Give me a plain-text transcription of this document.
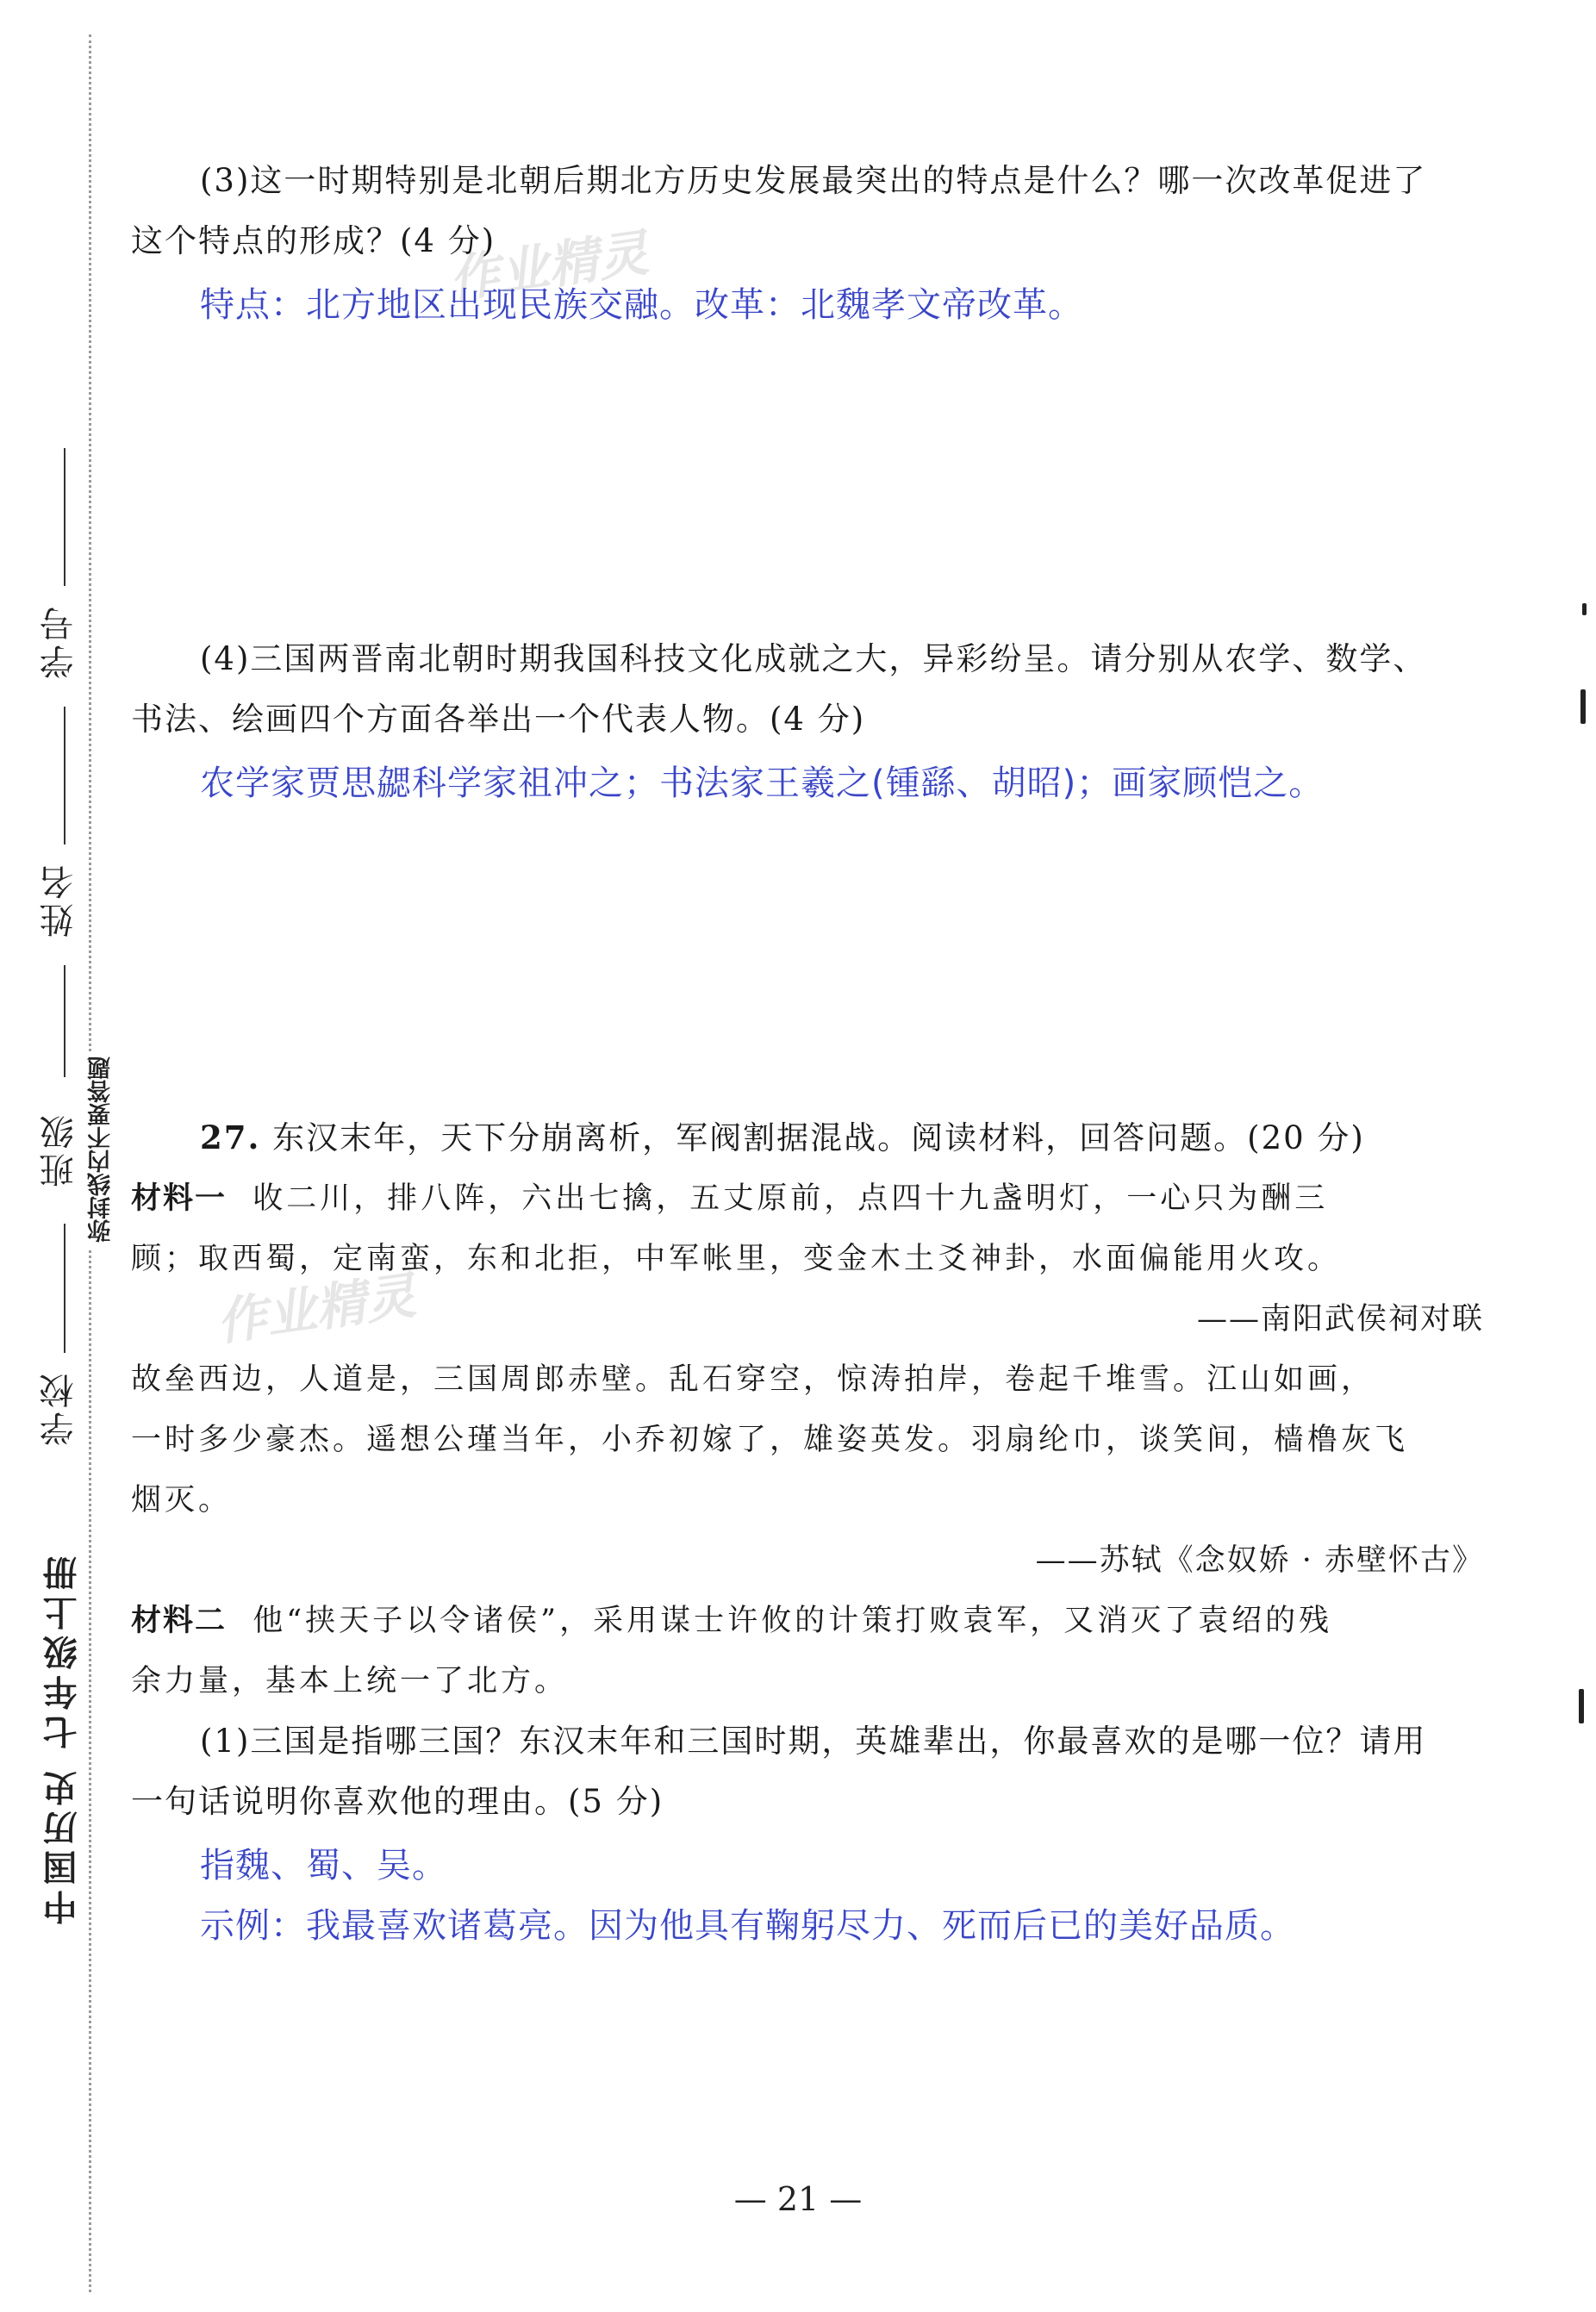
学号
姓名
班级 弥封线内不要答题
学校
中国历史 七年级上册
作业精灵
作业精灵

(3)这一时期特别是北朝后期北方历史发展最突出的特点是什么？哪一次改革促进了

这个特点的形成？(4 分)

特点：北方地区出现民族交融。改革：北魏孝文帝改革。

(4)三国两晋南北朝时期我国科技文化成就之大，异彩纷呈。请分别从农学、数学、

书法、绘画四个方面各举出一个代表人物。(4 分)

农学家贾思勰科学家祖冲之；书法家王羲之(锺繇、胡昭)；画家顾恺之。

27. 东汉末年，天下分崩离析，军阀割据混战。阅读材料，回答问题。(20 分)

材料一 收二川，排八阵，六出七擒，五丈原前，点四十九盏明灯，一心只为酬三

顾；取西蜀，定南蛮，东和北拒，中军帐里，变金木土爻神卦，水面偏能用火攻。

——南阳武侯祠对联

故垒西边，人道是，三国周郎赤壁。乱石穿空，惊涛拍岸，卷起千堆雪。江山如画，

一时多少豪杰。遥想公瑾当年，小乔初嫁了，雄姿英发。羽扇纶巾，谈笑间，樯橹灰飞

烟灭。

——苏轼《念奴娇 · 赤壁怀古》

材料二 他“挟天子以令诸侯”，采用谋士许攸的计策打败袁军，又消灭了袁绍的残

余力量，基本上统一了北方。

(1)三国是指哪三国？东汉末年和三国时期，英雄辈出，你最喜欢的是哪一位？请用

一句话说明你喜欢他的理由。(5 分)

指魏、蜀、吴。

示例：我最喜欢诸葛亮。因为他具有鞠躬尽力、死而后已的美好品质。

— 21 —
